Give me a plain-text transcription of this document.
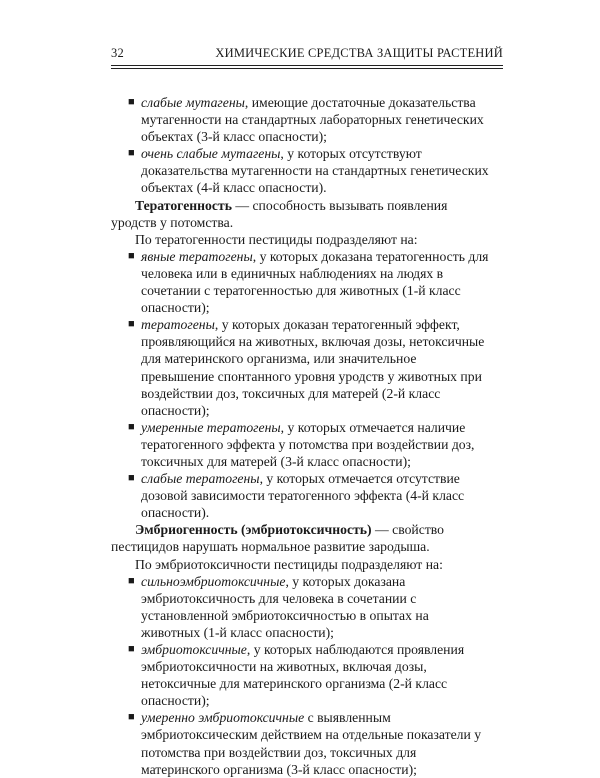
32	ХИМИЧЕСКИЕ СРЕДСТВА ЗАЩИТЫ РАСТЕНИЙ
■ слабые мутагены, имеющие достаточные доказательства мутагенности на стандартных лабораторных генетических объектах (3-й класс опасности);
■ очень слабые мутагены, у которых отсутствуют доказательства мутагенности на стандартных генетических объектах (4-й класс опасности).

Тератогенность — способность вызывать появления уродств у потомства.

По тератогенности пестициды подразделяют на:

■ явные тератогены, у которых доказана тератогенность для человека или в единичных наблюдениях на людях в сочетании с тератогенностью для животных (1-й класс опасности);
■ тератогены, у которых доказан тератогенный эффект, проявляющийся на животных, включая дозы, нетоксичные для материнского организма, или значительное превышение спонтанного уровня уродств у животных при воздействии доз, токсичных для матерей (2-й класс опасности);
■ умеренные тератогены, у которых отмечается наличие тератогенного эффекта у потомства при воздействии доз, токсичных для матерей (3-й класс опасности);
■ слабые тератогены, у которых отмечается отсутствие дозовой зависимости тератогенного эффекта (4-й класс опасности).

Эмбриогенность (эмбриотоксичность) — свойство пестицидов нарушать нормальное развитие зародыша.

По эмбриотоксичности пестициды подразделяют на:

■ сильноэмбриотоксичные, у которых доказана эмбриотоксичность для человека в сочетании с установленной эмбриотоксичностью в опытах на животных (1-й класс опасности);
■ эмбриотоксичные, у которых наблюдаются проявления эмбриотоксичности на животных, включая дозы, нетоксичные для материнского организма (2-й класс опасности);
■ умеренно эмбриотоксичные с выявленным эмбриотоксическим действием на отдельные показатели у потомства при воздействии доз, токсичных для материнского организма (3-й класс опасности);
